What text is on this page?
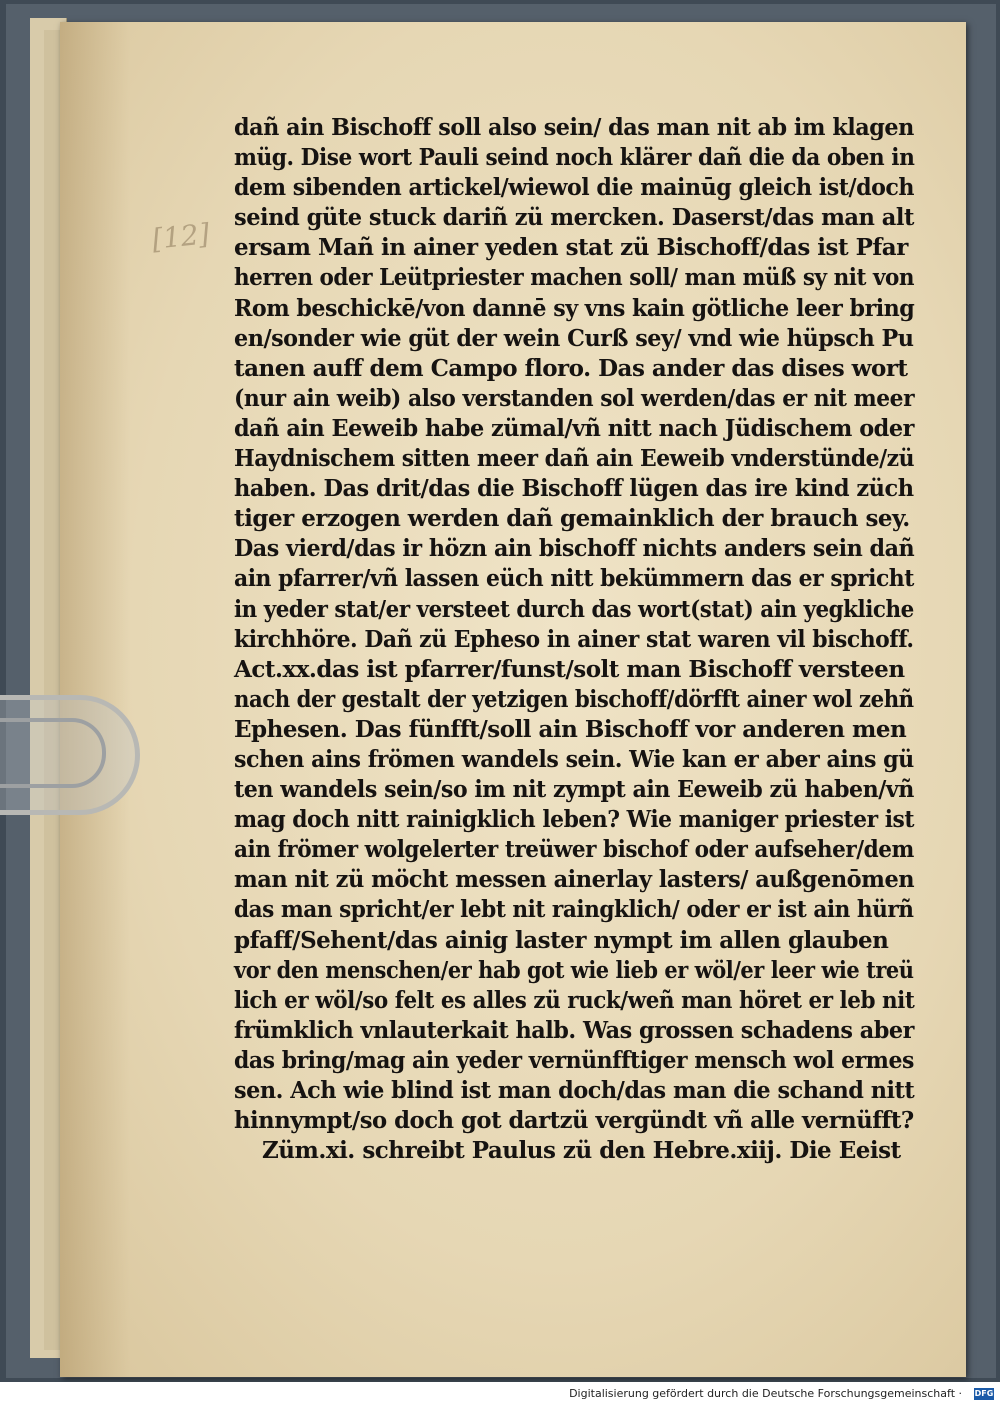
[12]
dañ ain Bischoff soll also sein/ das man nit ab im klagen
müg. Dise wort Pauli seind noch klärer dañ die da oben in
dem sibenden artickel/wiewol die mainūg gleich ist/doch
seind güte stuck dariñ zü mercken. Daserst/das man alt
ersam Mañ in ainer yeden stat zü Bischoff/das ist Pfar
herren oder Leütpriester machen soll/ man müß sy nit von
Rom beschickē/von dannē sy vns kain götliche leer bring
en/sonder wie güt der wein Curß sey/ vnd wie hüpsch Pu
tanen auff dem Campo floro. Das ander das dises wort
(nur ain weib) also verstanden sol werden/das er nit meer
dañ ain Eeweib habe zümal/vñ nitt nach Jüdischem oder
Haydnischem sitten meer dañ ain Eeweib vnderstünde/zü
haben. Das drit/das die Bischoff lügen das ire kind züch
tiger erzogen werden dañ gemainklich der brauch sey.
Das vierd/das ir hözn ain bischoff nichts anders sein dañ
ain pfarrer/vñ lassen eüch nitt bekümmern das er spricht
in yeder stat/er versteet durch das wort(stat) ain yegkliche
kirchhöre. Dañ zü Epheso in ainer stat waren vil bischoff.
Act.xx.das ist pfarrer/funst/solt man Bischoff versteen
nach der gestalt der yetzigen bischoff/dörfft ainer wol zehñ
Ephesen. Das fünfft/soll ain Bischoff vor anderen men
schen ains frömen wandels sein. Wie kan er aber ains gü
ten wandels sein/so im nit zympt ain Eeweib zü haben/vñ
mag doch nitt rainigklich leben? Wie maniger priester ist
ain frömer wolgelerter treüwer bischof oder aufseher/dem
man nit zü möcht messen ainerlay lasters/ außgenōmen
das man spricht/er lebt nit raingklich/ oder er ist ain hürñ
pfaff/Sehent/das ainig laster nympt im allen glauben
vor den menschen/er hab got wie lieb er wöl/er leer wie treü
lich er wöl/so felt es alles zü ruck/weñ man höret er leb nit
frümklich vnlauterkait halb. Was grossen schadens aber
das bring/mag ain yeder vernünfftiger mensch wol ermes
sen. Ach wie blind ist man doch/das man die schand nitt
hinnympt/so doch got dartzü vergündt vñ alle vernüfft?
Züm.xi. schreibt Paulus zü den Hebre.xiij. Die Eeist
Digitalisierung gefördert durch die Deutsche Forschungsgemeinschaft · DFG
